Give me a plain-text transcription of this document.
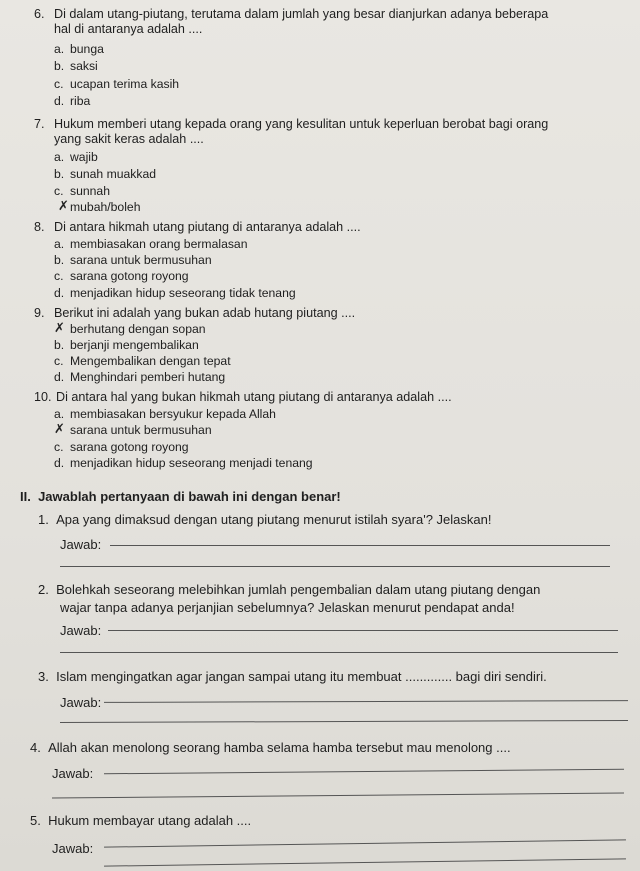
6. Di dalam utang-piutang, terutama dalam jumlah yang besar dianjurkan adanya beberapa
hal di antaranya adalah ....
a. bunga
b. saksi
c. ucapan terima kasih
d. riba
7. Hukum memberi utang kepada orang yang kesulitan untuk keperluan berobat bagi orang
yang sakit keras adalah ....
a. wajib
b. sunah muakkad
c. sunnah
✗ mubah/boleh
8. Di antara hikmah utang piutang di antaranya adalah ....
a. membiasakan orang bermalasan
b. sarana untuk bermusuhan
c. sarana gotong royong
d. menjadikan hidup seseorang tidak tenang
9. Berikut ini adalah yang bukan adab hutang piutang ....
✗ berhutang dengan sopan
b. berjanji mengembalikan
c. Mengembalikan dengan tepat
d. Menghindari pemberi hutang
10. Di antara hal yang bukan hikmah utang piutang di antaranya adalah ....
a. membiasakan bersyukur kepada Allah
✗ sarana untuk bermusuhan
c. sarana gotong royong
d. menjadikan hidup seseorang menjadi tenang
II. Jawablah pertanyaan di bawah ini dengan benar!
1. Apa yang dimaksud dengan utang piutang menurut istilah syara'? Jelaskan!
Jawab:
2. Bolehkah seseorang melebihkan jumlah pengembalian dalam utang piutang dengan
wajar tanpa adanya perjanjian sebelumnya? Jelaskan menurut pendapat anda!
Jawab:
3. Islam mengingatkan agar jangan sampai utang itu membuat ............. bagi diri sendiri.
Jawab:
4. Allah akan menolong seorang hamba selama hamba tersebut mau menolong ....
Jawab:
5. Hukum membayar utang adalah ....
Jawab:
